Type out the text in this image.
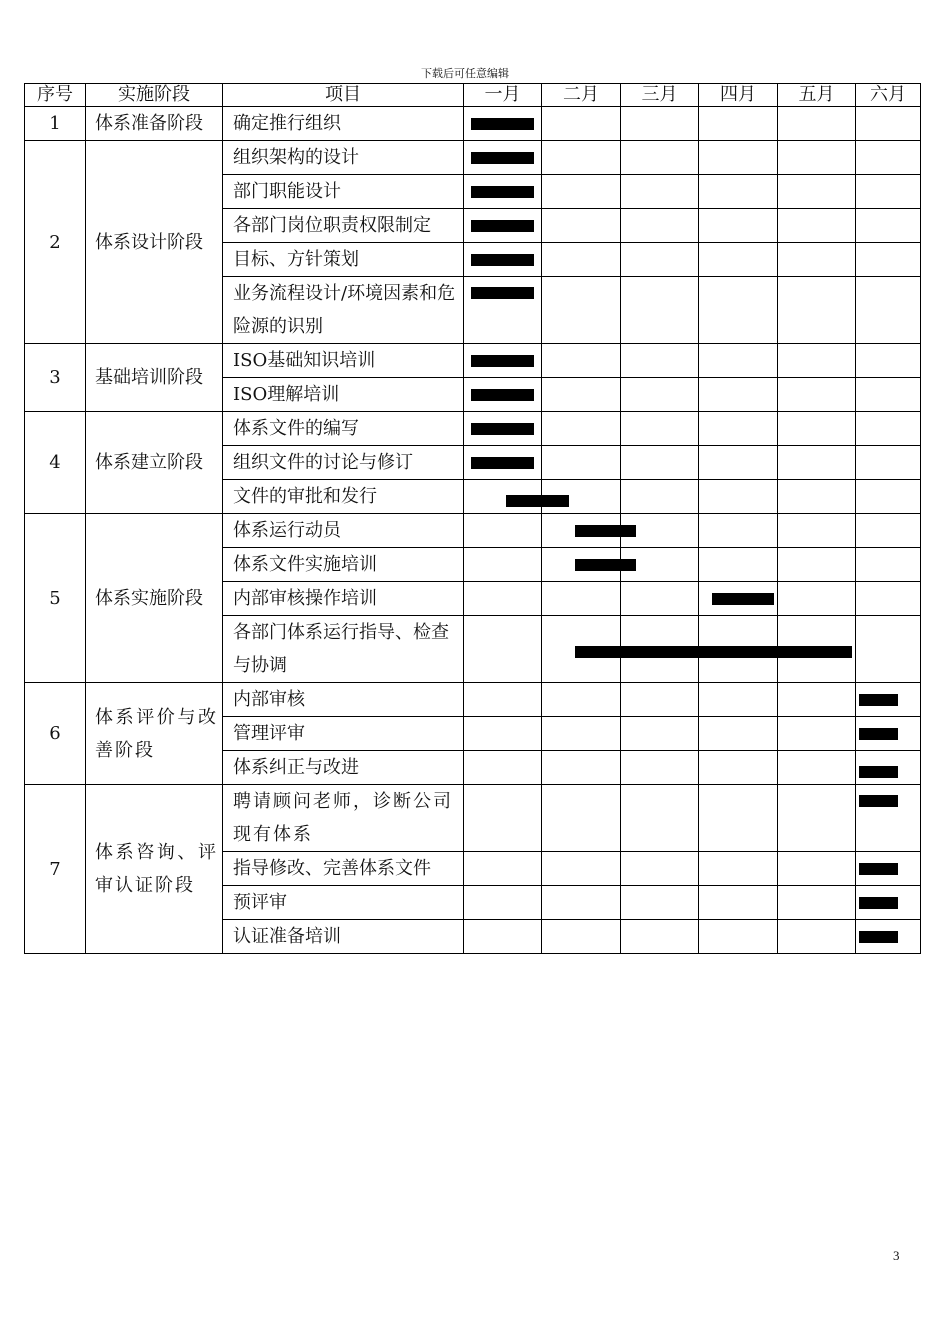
下载后可任意编辑
序号	实施阶段	项目	一月	二月	三月	四月	五月	六月
1	体系准备阶段	确定推行组织						

2	体系设计阶段	组织架构的设计						

		部门职能设计						

		各部门岗位职责权限制定						

		目标、方针策划						

		业务流程设计/环境因素和危险源的识别						

3	基础培训阶段	ISO基础知识培训						

		ISO理解培训						

4	体系建立阶段	体系文件的编写						

		组织文件的讨论与修订						

		文件的审批和发行						

5	体系实施阶段	体系运行动员						

		体系文件实施培训						

		内部审核操作培训						

		各部门体系运行指导、检查与协调						

6	体系评价与改善阶段	内部审核						

		管理评审						

		体系纠正与改进						

7	体系咨询、评审认证阶段	聘请顾问老师，诊断公司现有体系						

		指导修改、完善体系文件						

		预评审						

		认证准备培训						

3
